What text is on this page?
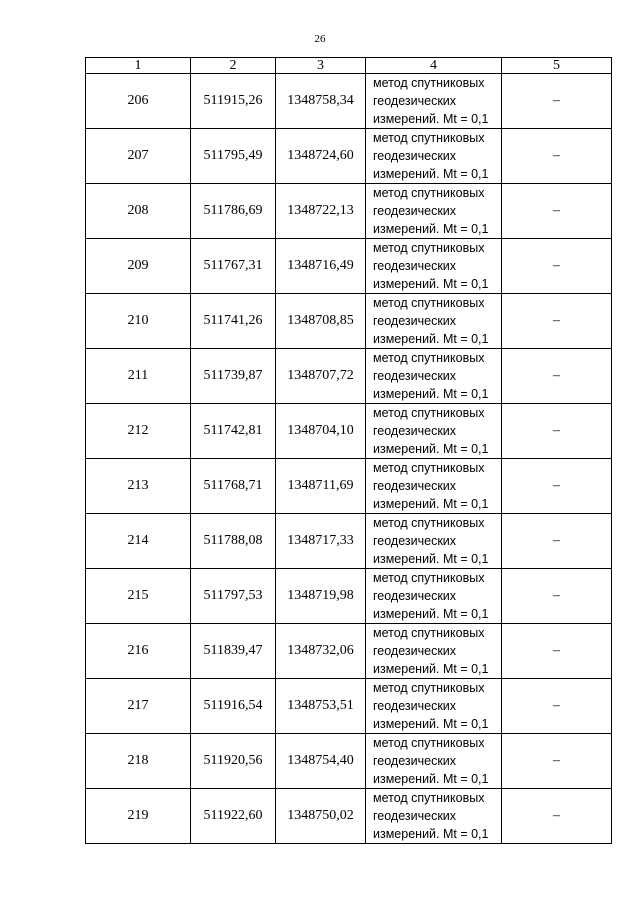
26
1	2	3	4	5
206	511915,26	1348758,34	метод спутниковых геодезических измерений. Mt = 0,1	–
207	511795,49	1348724,60	метод спутниковых геодезических измерений. Mt = 0,1	–
208	511786,69	1348722,13	метод спутниковых геодезических измерений. Mt = 0,1	–
209	511767,31	1348716,49	метод спутниковых геодезических измерений. Mt = 0,1	–
210	511741,26	1348708,85	метод спутниковых геодезических измерений. Mt = 0,1	–
211	511739,87	1348707,72	метод спутниковых геодезических измерений. Mt = 0,1	–
212	511742,81	1348704,10	метод спутниковых геодезических измерений. Mt = 0,1	–
213	511768,71	1348711,69	метод спутниковых геодезических измерений. Mt = 0,1	–
214	511788,08	1348717,33	метод спутниковых геодезических измерений. Mt = 0,1	–
215	511797,53	1348719,98	метод спутниковых геодезических измерений. Mt = 0,1	–
216	511839,47	1348732,06	метод спутниковых геодезических измерений. Mt = 0,1	–
217	511916,54	1348753,51	метод спутниковых геодезических измерений. Mt = 0,1	–
218	511920,56	1348754,40	метод спутниковых геодезических измерений. Mt = 0,1	–
219	511922,60	1348750,02	метод спутниковых геодезических измерений. Mt = 0,1	–
